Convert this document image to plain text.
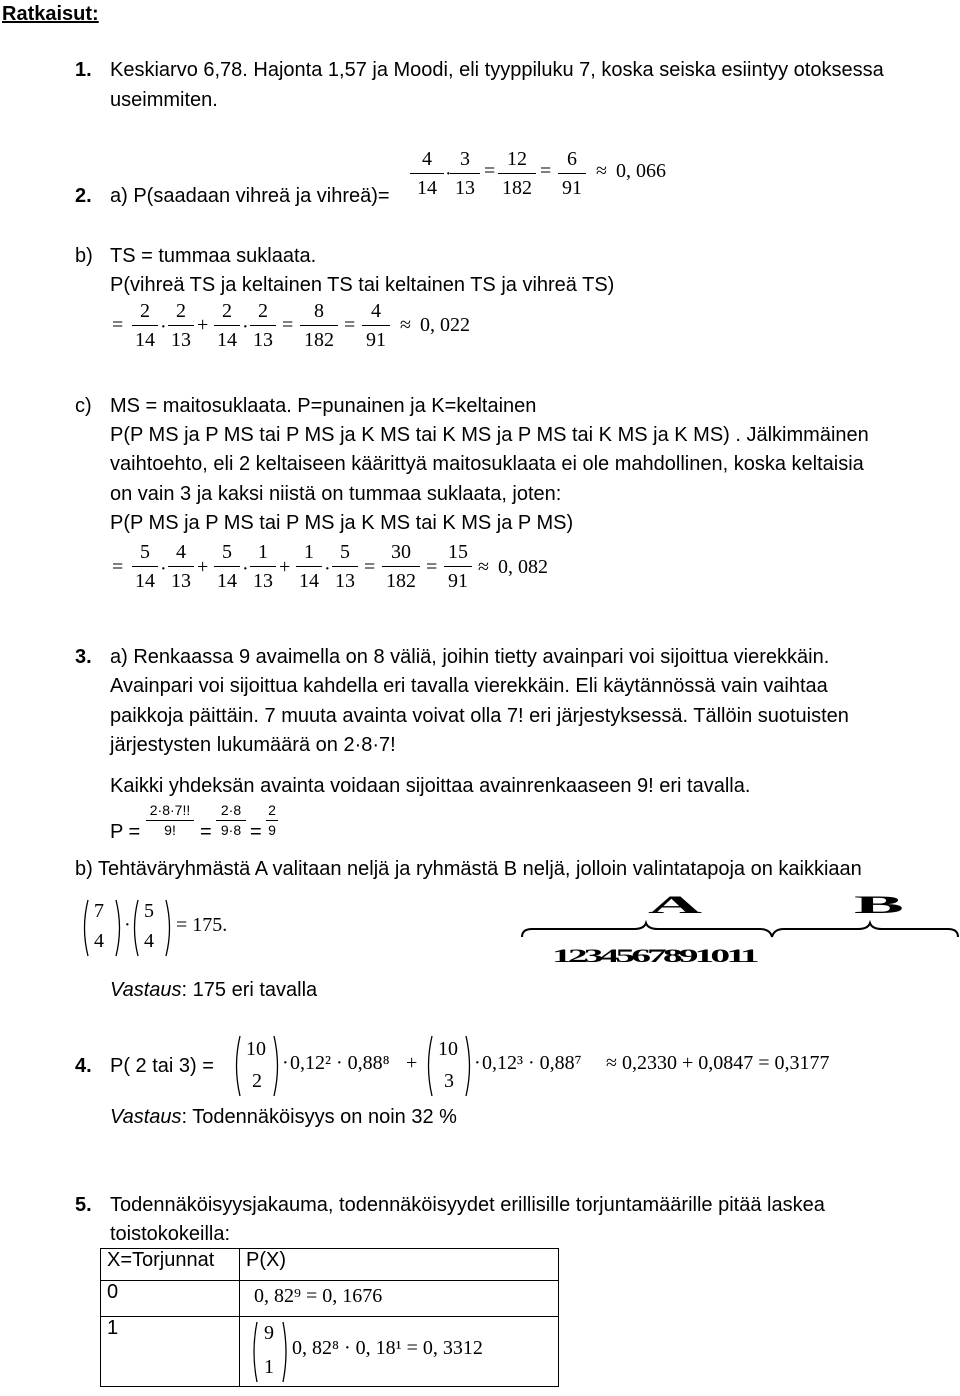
Ratkaisut:
1. Keskiarvo 6,78. Hajonta 1,57 ja Moodi, eli tyyppiluku 7, koska seiska esiintyy otoksessa
useimmiten.
2. a) P(saadaan vihreä ja vihreä)=
4
14
·
3
13
=
12
182
=
6
91
≈ 0, 066
b) TS = tummaa suklaata.
P(vihreä TS ja keltainen TS tai keltainen TS ja vihreä TS)
=
2
14
·
2
13
+
2
14
·
2
13
=
8
182
=
4
91
≈ 0, 022
c) MS = maitosuklaata. P=punainen ja K=keltainen
P(P MS ja P MS tai P MS ja K MS tai K MS ja P MS tai K MS ja K MS) . Jälkimmäinen
vaihtoehto, eli 2 keltaiseen käärittyä maitosuklaata ei ole mahdollinen, koska keltaisia
on vain 3 ja kaksi niistä on tummaa suklaata, joten:
P(P MS ja P MS tai P MS ja K MS tai K MS ja P MS)
=
5
14
·
4
13
+
5
14
·
1
13
+
1
14
·
5
13
=
30
182
=
15
91
≈ 0, 082
3. a) Renkaassa 9 avaimella on 8 väliä, joihin tietty avainpari voi sijoittua vierekkäin.
Avainpari voi sijoittua kahdella eri tavalla vierekkäin. Eli käytännössä vain vaihtaa
paikkoja päittäin. 7 muuta avainta voivat olla 7! eri järjestyksessä. Tällöin suotuisten
järjestysten lukumäärä on 2·8·7!
Kaikki yhdeksän avainta voidaan sijoittaa avainrenkaaseen 9! eri tavalla.
P =
2·8·7!!
9!	=
2·8
9·8 =
2
9
b) Tehtäväryhmästä A valitaan neljä ja ryhmästä B neljä, jolloin valintatapoja on kaikkiaan
7
4
·
5
4
= 175.
A	B
1234567891011
Vastaus: 175 eri tavalla
4. P( 2 tai 3) =
10
2
· 0,12² · 0,88⁸ +
10
3
· 0,12³ · 0,88⁷ ≈ 0,2330 + 0,0847 = 0,3177
Vastaus: Todennäköisyys on noin 32 %
5. Todennäköisyysjakauma, todennäköisyydet erillisille torjuntamäärille pitää laskea
toistokokeilla:
X=Torjunnat	P(X)
0	0, 82⁹ = 0, 1676
1	9
1
0, 82⁸ · 0, 18¹ = 0, 3312
